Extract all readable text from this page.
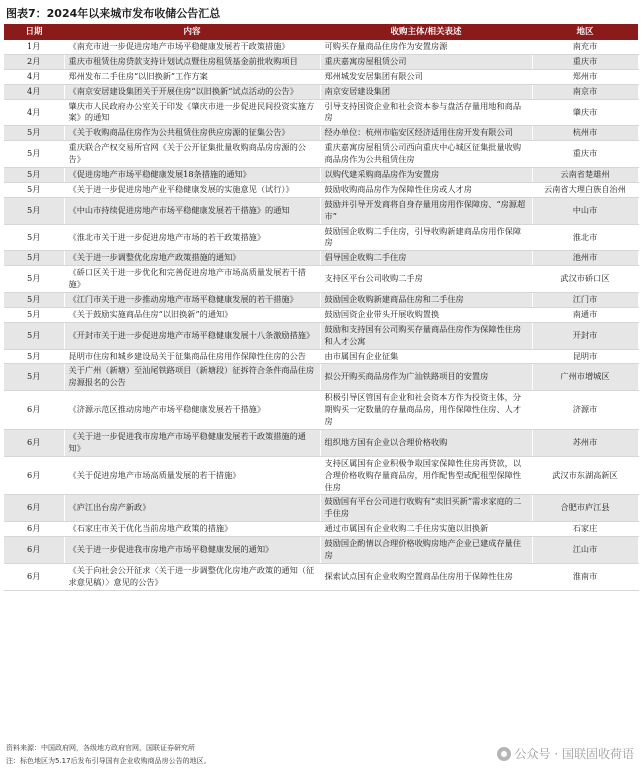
图表7：2024年以来城市发布收储公告汇总
日期	内容	收购主体/相关表述	地区
1月	《南充市进一步促进房地产市场平稳健康发展若干政策措施》	可购买存量商品住房作为安置房源	南充市
2月	重庆市租赁住房贷款支持计划试点暨住房租赁基金前批收购项目	重庆嘉寓房屋租赁公司	重庆市
4月	郑州发布二手住房“以旧换新”工作方案	郑州城发安居集团有限公司	郑州市
4月	《南京安居建设集团关于开展住房“以旧换新”试点活动的公告》	南京安居建设集团	南京市
4月	肇庆市人民政府办公室关于印发《肇庆市进一步促进民间投资实施方案》的通知	引导支持国资企业和社会资本参与盘活存量用地和商品房	肇庆市
5月	《关于收购商品住房作为公共租赁住房供应房源的征集公告》	经办单位：杭州市临安区经济适用住房开发有限公司	杭州市
5月	重庆联合产权交易所官网《关于公开征集批量收购商品房房源的公告》	重庆嘉寓房屋租赁公司西向重庆中心城区征集批量收购商品房作为公共租赁住房	重庆市
5月	《促进房地产市场平稳健康发展18条措施的通知》	以购代建采购商品房作为安置房	云南省楚雄州
5月	《关于进一步促进房地产业平稳健康发展的实施意见（试行）》	鼓励收购商品房作为保障性住房或人才房	云南省大理白族自治州
5月	《中山市持续促进房地产市场平稳健康发展若干措施》的通知	鼓励并引导开发商将自身存量用房用作保障房、“房源超市”	中山市
5月	《淮北市关于进一步促进房地产市场的若干政策措施》	鼓励国企收购二手住房，引导收购新建商品房用作保障房	淮北市
5月	《关于进一步调整优化房地产政策措施的通知》	倡导国企收购二手住房	池州市
5月	《硚口区关于进一步优化和完善促进房地产市场高质量发展若干措施》	支持区平台公司收购二手房	武汉市硚口区
5月	《江门市关于进一步推动房地产市场平稳健康发展的若干措施》	鼓励国企收购新建商品住房和二手住房	江门市
5月	《关于鼓励实施商品住房“以旧换新”的通知》	鼓励国资企业带头开展收购置换	南通市
5月	《开封市关于进一步促进房地产市场平稳健康发展十八条激励措施》	鼓励和支持国有公司购买存量商品住房作为保障性住房和人才公寓	开封市
5月	昆明市住房和城乡建设局关于征集商品住房用作保障性住房的公告	由市属国有企业征集	昆明市
5月	关于广州（新塘）至汕尾铁路项目（新塘段）征拆符合条件商品住房房源报名的公告	拟公开购买商品房作为广汕铁路项目的安置房	广州市增城区
6月	《济源示范区推动房地产市场平稳健康发展若干措施》	积极引导区管国有企业和社会资本方作为投资主体，分期购买一定数量的存量商品房，用作保障性住房、人才房	济源市
6月	《关于进一步促进我市房地产市场平稳健康发展若干政策措施的通知》	组织地方国有企业以合理价格收购	苏州市
6月	《关于促进房地产市场高质量发展的若干措施》	支持区属国有企业积极争取国家保障性住房再贷款，以合理价格收购存量商品房，用作配售型或配租型保障性住房	武汉市东湖高新区
6月	《庐江出台房产新政》	鼓励国有平台公司进行收购有“卖旧买新”需求家庭的二手住房	合肥市庐江县
6月	《石家庄市关于优化当前房地产政策的措施》	通过市属国有企业收购二手住房实施以旧换新	石家庄
6月	《关于进一步促进我市房地产市场平稳健康发展的通知》	鼓励国企酌情以合理价格收购房地产企业已建成存量住房	江山市
6月	《关于向社会公开征求〈关于进一步调整优化房地产政策的通知（征求意见稿）〉意见的公告》	探索试点国有企业收购空置商品住房用于保障性住房	淮南市
资料来源：中国政府网，各级地方政府官网，国联证券研究所
注：标色地区为5.17后发布引导国有企业收购商品房公告的地区。	公众号 · 国联固收荷语
